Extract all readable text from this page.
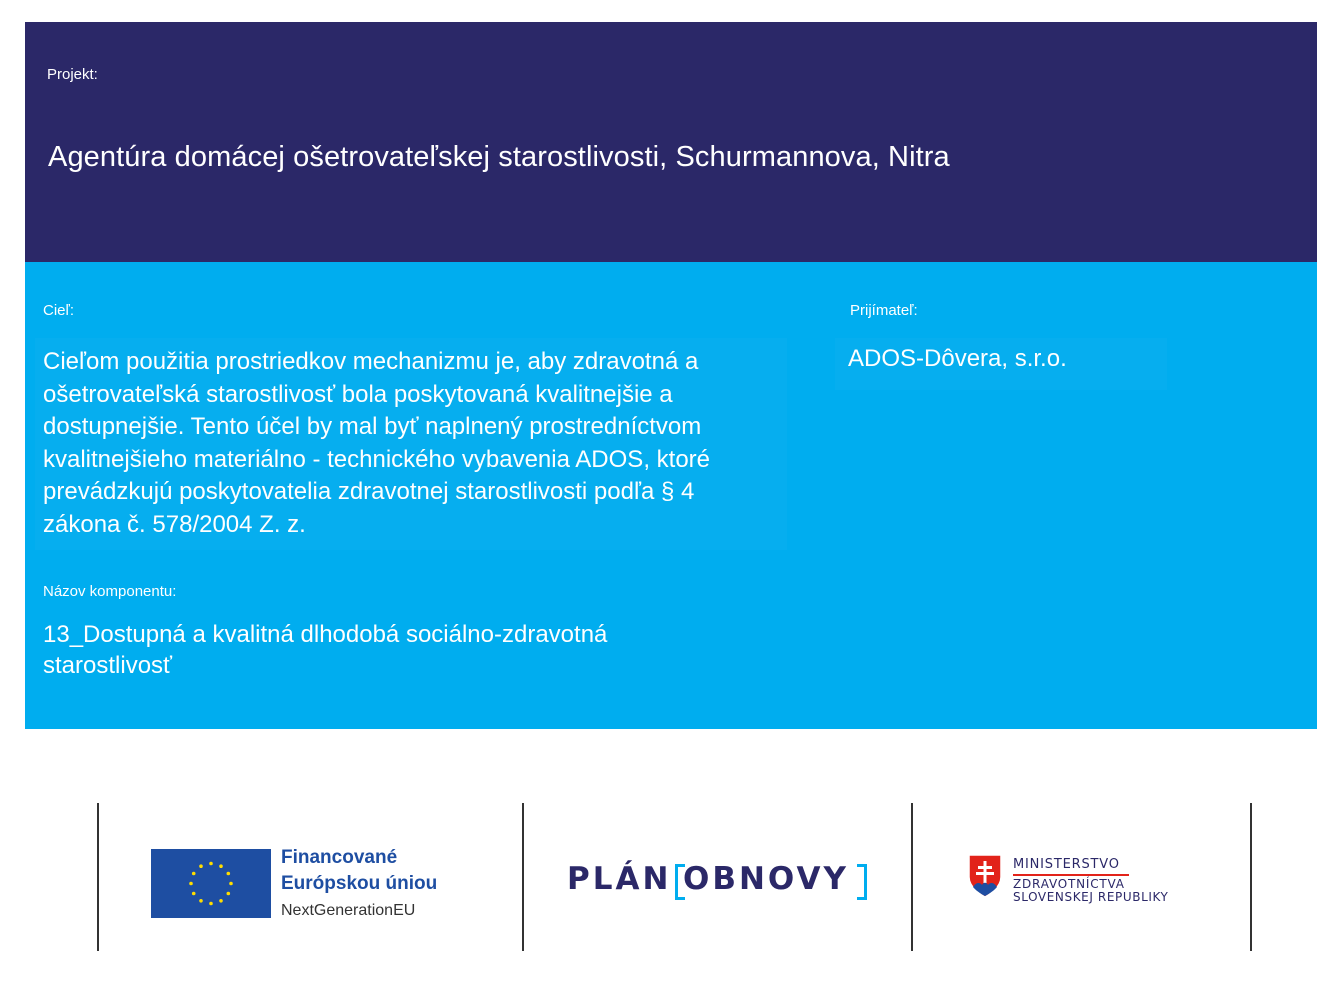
Projekt:
Agentúra domácej ošetrovateľskej starostlivosti, Schurmannova, Nitra
Cieľ:
Cieľom použitia prostriedkov mechanizmu je, aby zdravotná a
ošetrovateľská starostlivosť bola poskytovaná kvalitnejšie a
dostupnejšie. Tento účel by mal byť naplnený prostredníctvom
kvalitnejšieho materiálno - technického vybavenia ADOS, ktoré
prevádzkujú poskytovatelia zdravotnej starostlivosti podľa § 4
zákona č. 578/2004 Z. z.
Prijímateľ:
ADOS-Dôvera, s.r.o.
Názov komponentu:
13_Dostupná a kvalitná dlhodobá sociálno-zdravotná
starostlivosť
Financované
Európskou úniou
NextGenerationEU
PLÁN OBNOVY	MINISTERSTVO
ZDRAVOTNÍCTVA
SLOVENSKEJ REPUBLIKY
